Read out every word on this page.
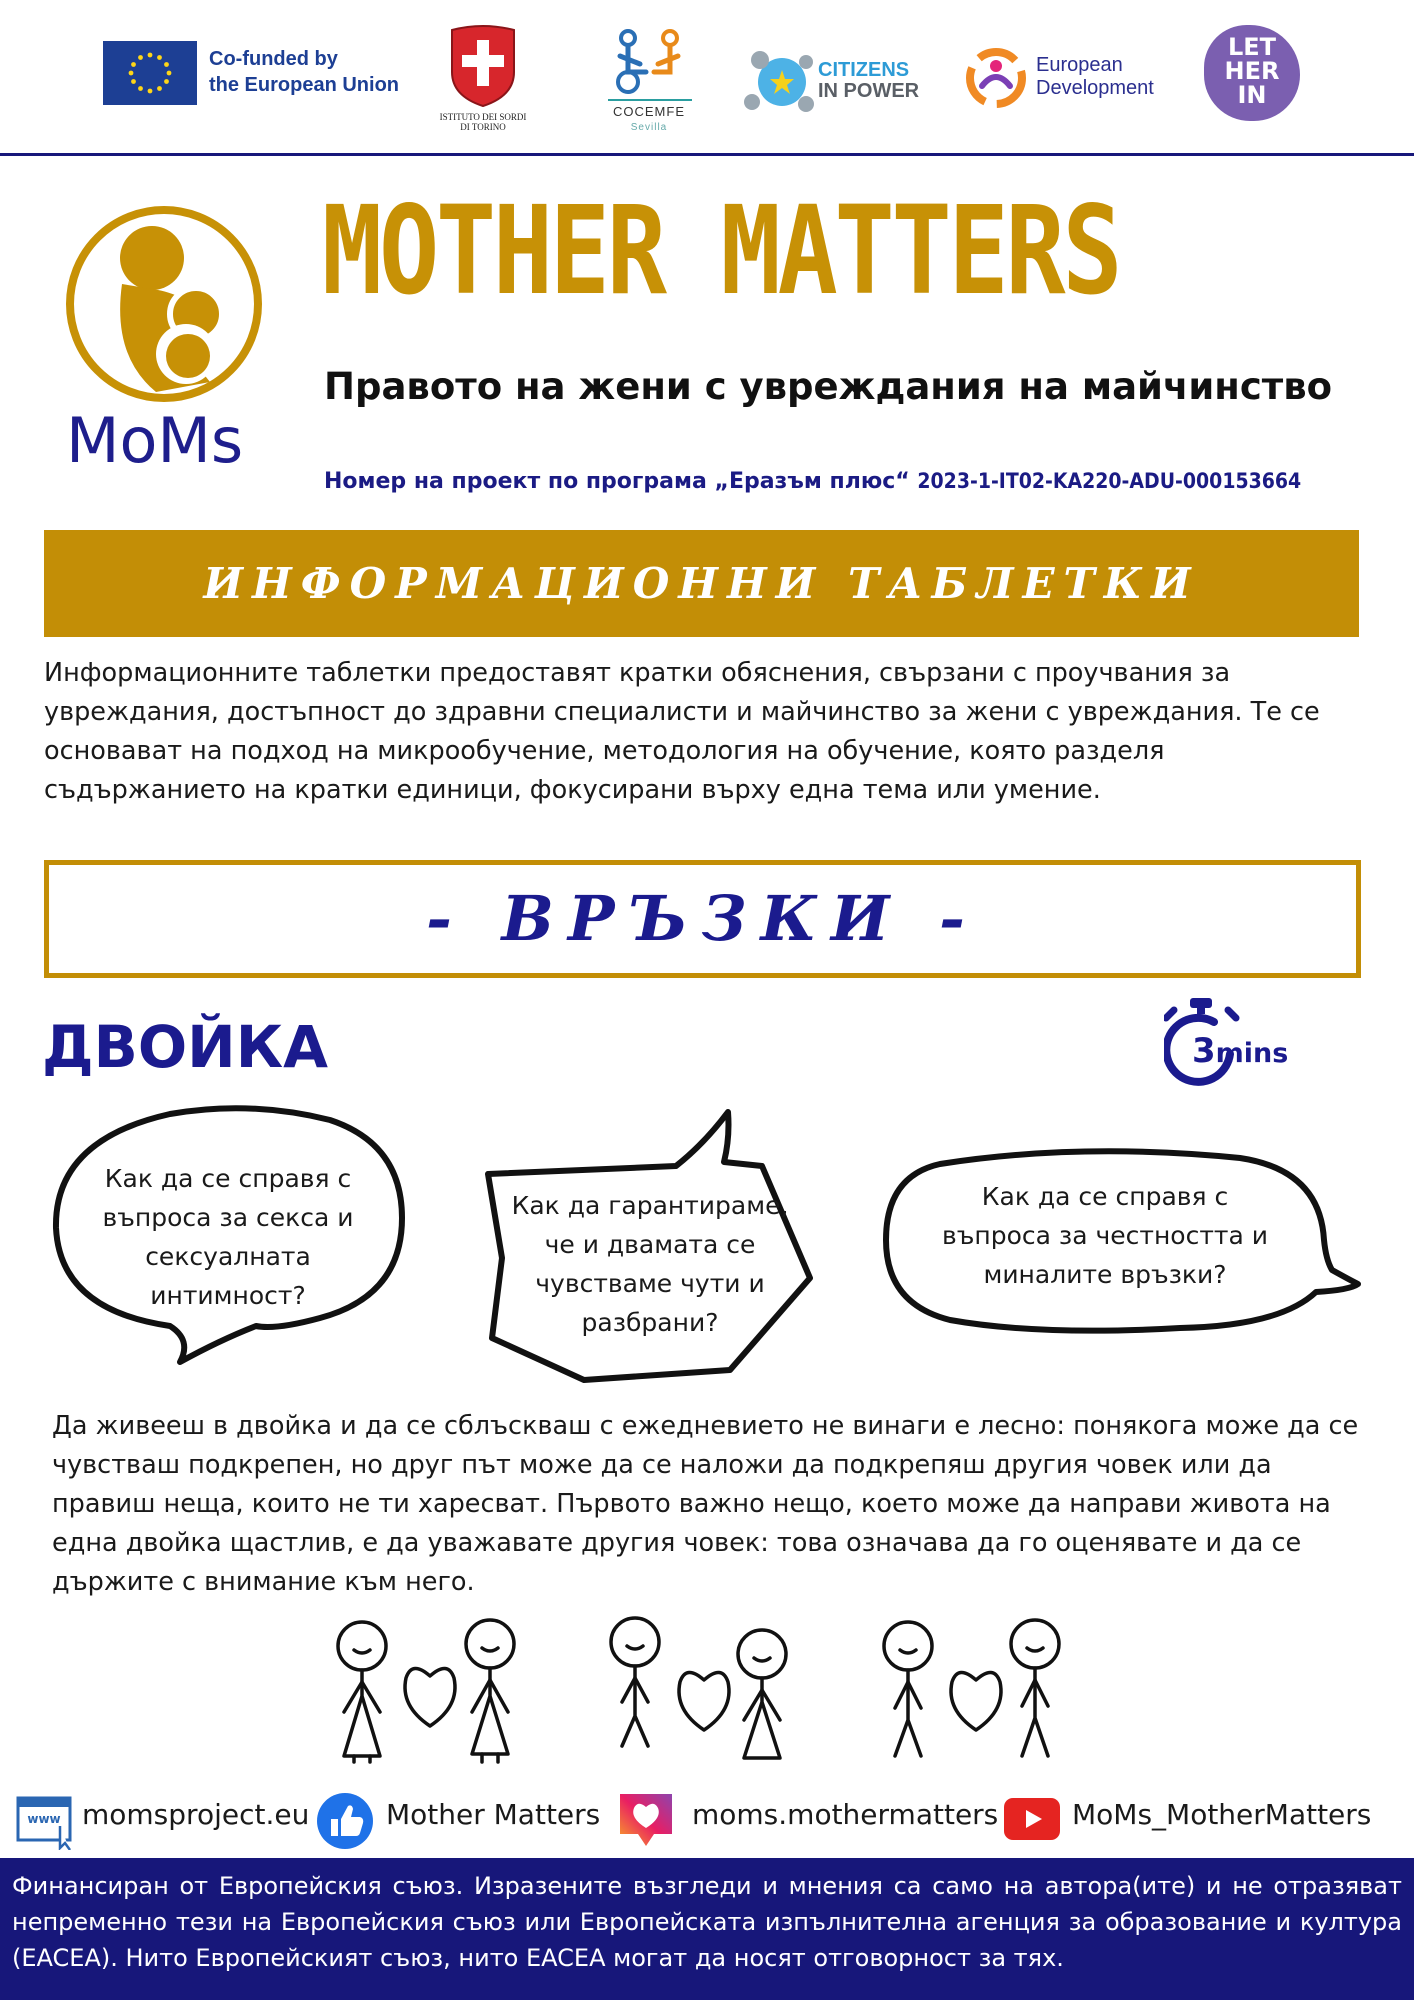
Co-funded by
the European Union
ISTITUTO DEI SORDI
DI TORINO
COCEMFE
Sevilla
CITIZENS
IN POWER
European
Development
LET
HER
IN
MoMs
MOTHER MATTERS
Правото на жени с увреждания на майчинство
Номер на проект по програма „Еразъм плюс“ 2023-1-IT02-KA220-ADU-000153664
ИНФОРМАЦИОННИ ТАБЛЕТКИ
Информационните таблетки предоставят кратки обяснения, свързани с проучвания за увреждания, достъпност до здравни специалисти и майчинство за жени с увреждания. Те се основават на подход на микрообучение, методология на обучение, която разделя съдържанието на кратки единици, фокусирани върху една тема или умение.
- ВРЪЗКИ -
ДВОЙКА	3mins
Как да се справя с
въпроса за секса и
сексуалната
интимност?
Как да гарантираме,
че и двамата се
чувстваме чути и
разбрани?
Как да се справя с
въпроса за честността и
миналите връзки?
Да живееш в двойка и да се сблъскваш с ежедневието не винаги е лесно: понякога може да се чувстваш подкрепен, но друг път може да се наложи да подкрепяш другия човек или да правиш неща, които не ти харесват. Първото важно нещо, което може да направи живота на една двойка щастлив, е да уважавате другия човек: това означава да го оценявате и да се държите с внимание към него.
www momsproject.eu	Mother Matters	moms.mothermatters	MoMs_MotherMatters
Финансиран от Европейския съюз. Изразените възгледи и мнения са само на автора(ите) и не отразяват непременно тези на Европейския съюз или Европейската изпълнителна агенция за образование и култура (EACEA). Нито Европейският съюз, нито EACEA могат да носят отговорност за тях.
